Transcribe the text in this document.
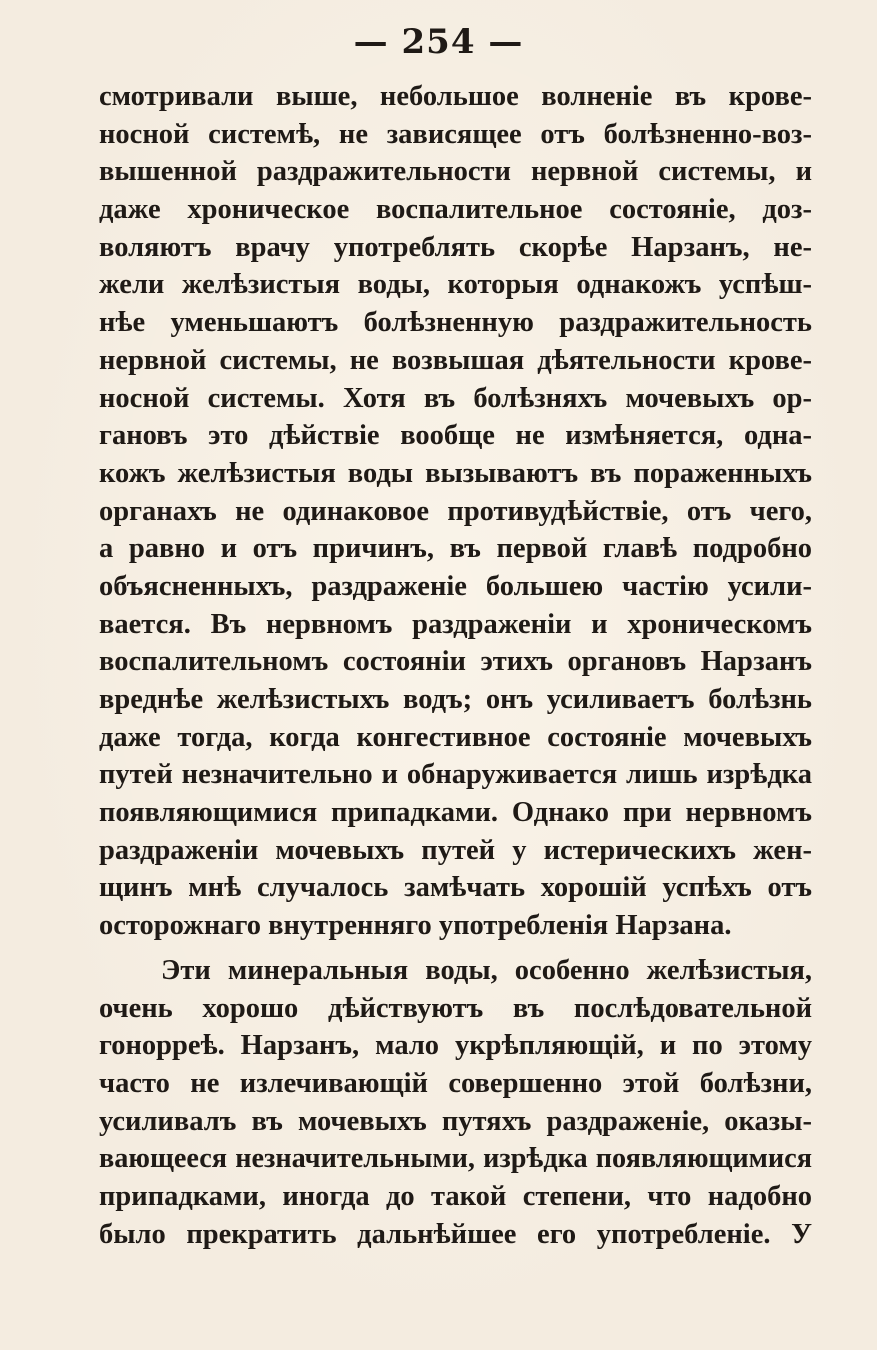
— 254 —
смотривали выше, небольшое волненіе въ крове-
носной системѣ, не зависящее отъ болѣзненно-воз-
вышенной раздражительности нервной системы, и
даже хроническое воспалительное состояніе, доз-
воляютъ врачу употреблять скорѣе Нарзанъ, не-
жели желѣзистыя воды, которыя однакожъ успѣш-
нѣе уменьшаютъ болѣзненную раздражительность
нервной системы, не возвышая дѣятельности крове-
носной системы. Хотя въ болѣзняхъ мочевыхъ ор-
гановъ это дѣйствіе вообще не измѣняется, одна-
кожъ желѣзистыя воды вызываютъ въ пораженныхъ
органахъ не одинаковое противудѣйствіе, отъ чего,
а равно и отъ причинъ, въ первой главѣ подробно
объясненныхъ, раздраженіе большею частію усили-
вается. Въ нервномъ раздраженіи и хроническомъ
воспалительномъ состояніи этихъ органовъ Нарзанъ
вреднѣе желѣзистыхъ водъ; онъ усиливаетъ болѣзнь
даже тогда, когда конгестивное состояніе мочевыхъ
путей незначительно и обнаруживается лишь изрѣдка
появляющимися припадками. Однако при нервномъ
раздраженіи мочевыхъ путей у истерическихъ жен-
щинъ мнѣ случалось замѣчать хорошій успѣхъ отъ
осторожнаго внутренняго употребленія Нарзана.
Эти минеральныя воды, особенно желѣзистыя,
очень хорошо дѣйствуютъ въ послѣдовательной
гонорреѣ. Нарзанъ, мало укрѣпляющій, и по этому
часто не излечивающій совершенно этой болѣзни,
усиливалъ въ мочевыхъ путяхъ раздраженіе, оказы-
вающееся незначительными, изрѣдка появляющимися
припадками, иногда до такой степени, что надобно
было прекратить дальнѣйшее его употребленіе. У
